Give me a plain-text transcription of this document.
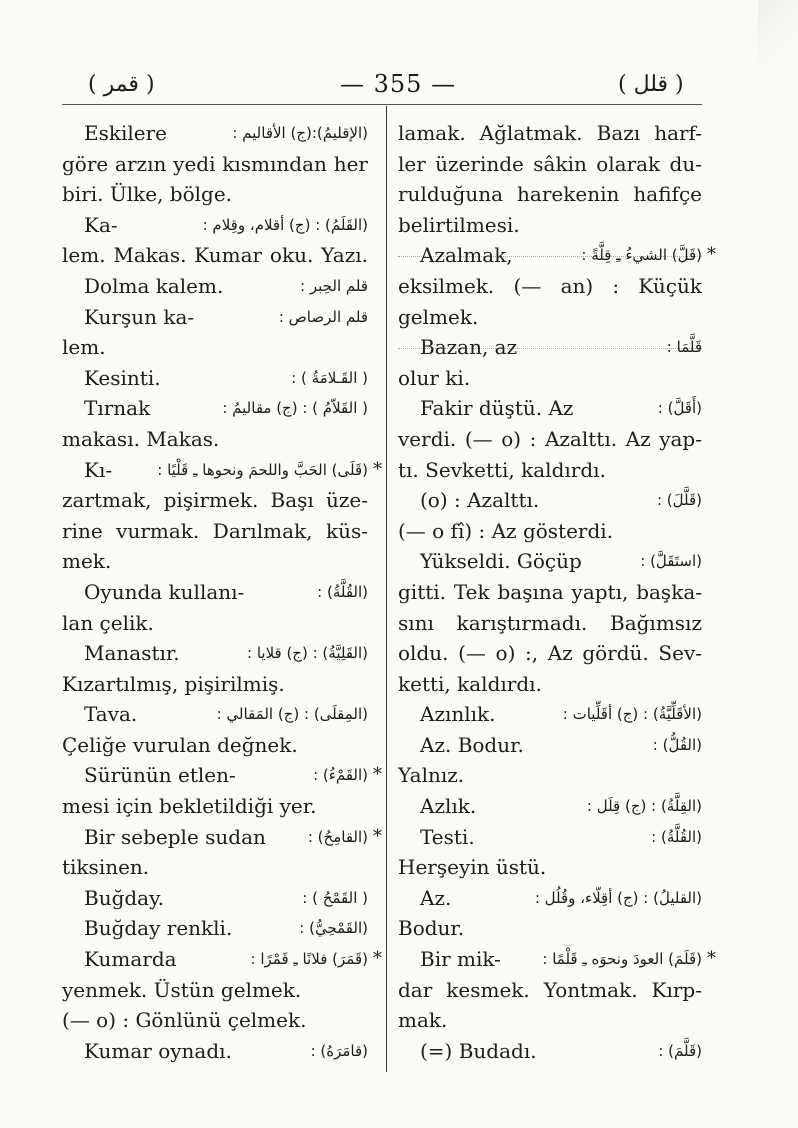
( قمر )	— 355 —	( قلل )
Eskilere	(الإقليمُ):(ج) الأقاليم :
göre arzın yedi kısmından her
biri. Ülke, bölge.
Ka-	(القَلَمُ) : (ج) أقلام، وقِلام :
lem. Makas. Kumar oku. Yazı.
Dolma kalem.	قلم الحِبر :
Kurşun ka-	قلم الرصاص :
lem.
Kesinti.	( القَـلامَةُ ) :
Tırnak	( القَلاّمُ ) : (ج) مقاليمُ :
makası. Makas.
Kı-	(قَلَى) الحَبَّ واللحمَ ونحوها ـِ قَلْيًا : *
zartmak, pişirmek. Başı üze-
rine vurmak. Darılmak, küs-
mek.
Oyunda kullanı-	(القُلَّةُ) :
lan çelik.
Manastır.	(القَلِيَّةُ) : (ج) قلايا :
Kızartılmış, pişirilmiş.
Tava.	(المِقلَى) : (ج) المَقالي :
Çeliğe vurulan değnek.
Sürünün etlen-	(القَمْءُ) : *
mesi için bekletildiği yer.
Bir sebeple sudan	(القامِحُ) : *
tiksinen.
Buğday.	( القَمْحُ ) :
Buğday renkli.	(القَمْحِيُّ) :
Kumarda	(قَمَرَ) فلانًا ـِ قَمْرًا : *
yenmek. Üstün gelmek.
(— o) : Gönlünü çelmek.
Kumar oynadı.	(قامَرَهُ) :
lamak. Ağlatmak. Bazı harf-
ler üzerinde sâkin olarak du-
rulduğuna harekenin hafifçe
belirtilmesi.
Azalmak,	(قَلَّ) الشيءُ ـِ قِلَّةً : *
eksilmek. (— an) : Küçük
gelmek.
Bazan, az	قَلَّمَا :
olur ki.
Fakir düştü. Az	(أَقَلَّ) :
verdi. (— o) : Azalttı. Az yap-
tı. Sevketti, kaldırdı.
(o) : Azalttı.	(قَلَّلَ) :
(— o fî) : Az gösterdi.
Yükseldi. Göçüp	(استَقَلَّ) :
gitti. Tek başına yaptı, başka-
sını karıştırmadı. Bağımsız
oldu. (— o) :, Az gördü. Sev-
ketti, kaldırdı.
Azınlık.	(الأقَلِّيَّةُ) : (ج) أقَلِّيات :
Az. Bodur.	(القُلُّ) :
Yalnız.
Azlık.	(القِلَّةُ) : (ج) قِلَل :
Testi.	(القُلَّةُ) :
Herşeyin üstü.
Az.	(القليلُ) : (ج) أقِلّاء، وقُلُل :
Bodur.
Bir mik-	(قَلَمَ) العودَ ونحوَه ـِ قَلْمًا : *
dar kesmek. Yontmak. Kırp-
mak.
(=) Budadı.	(قَلَّمَ) :
